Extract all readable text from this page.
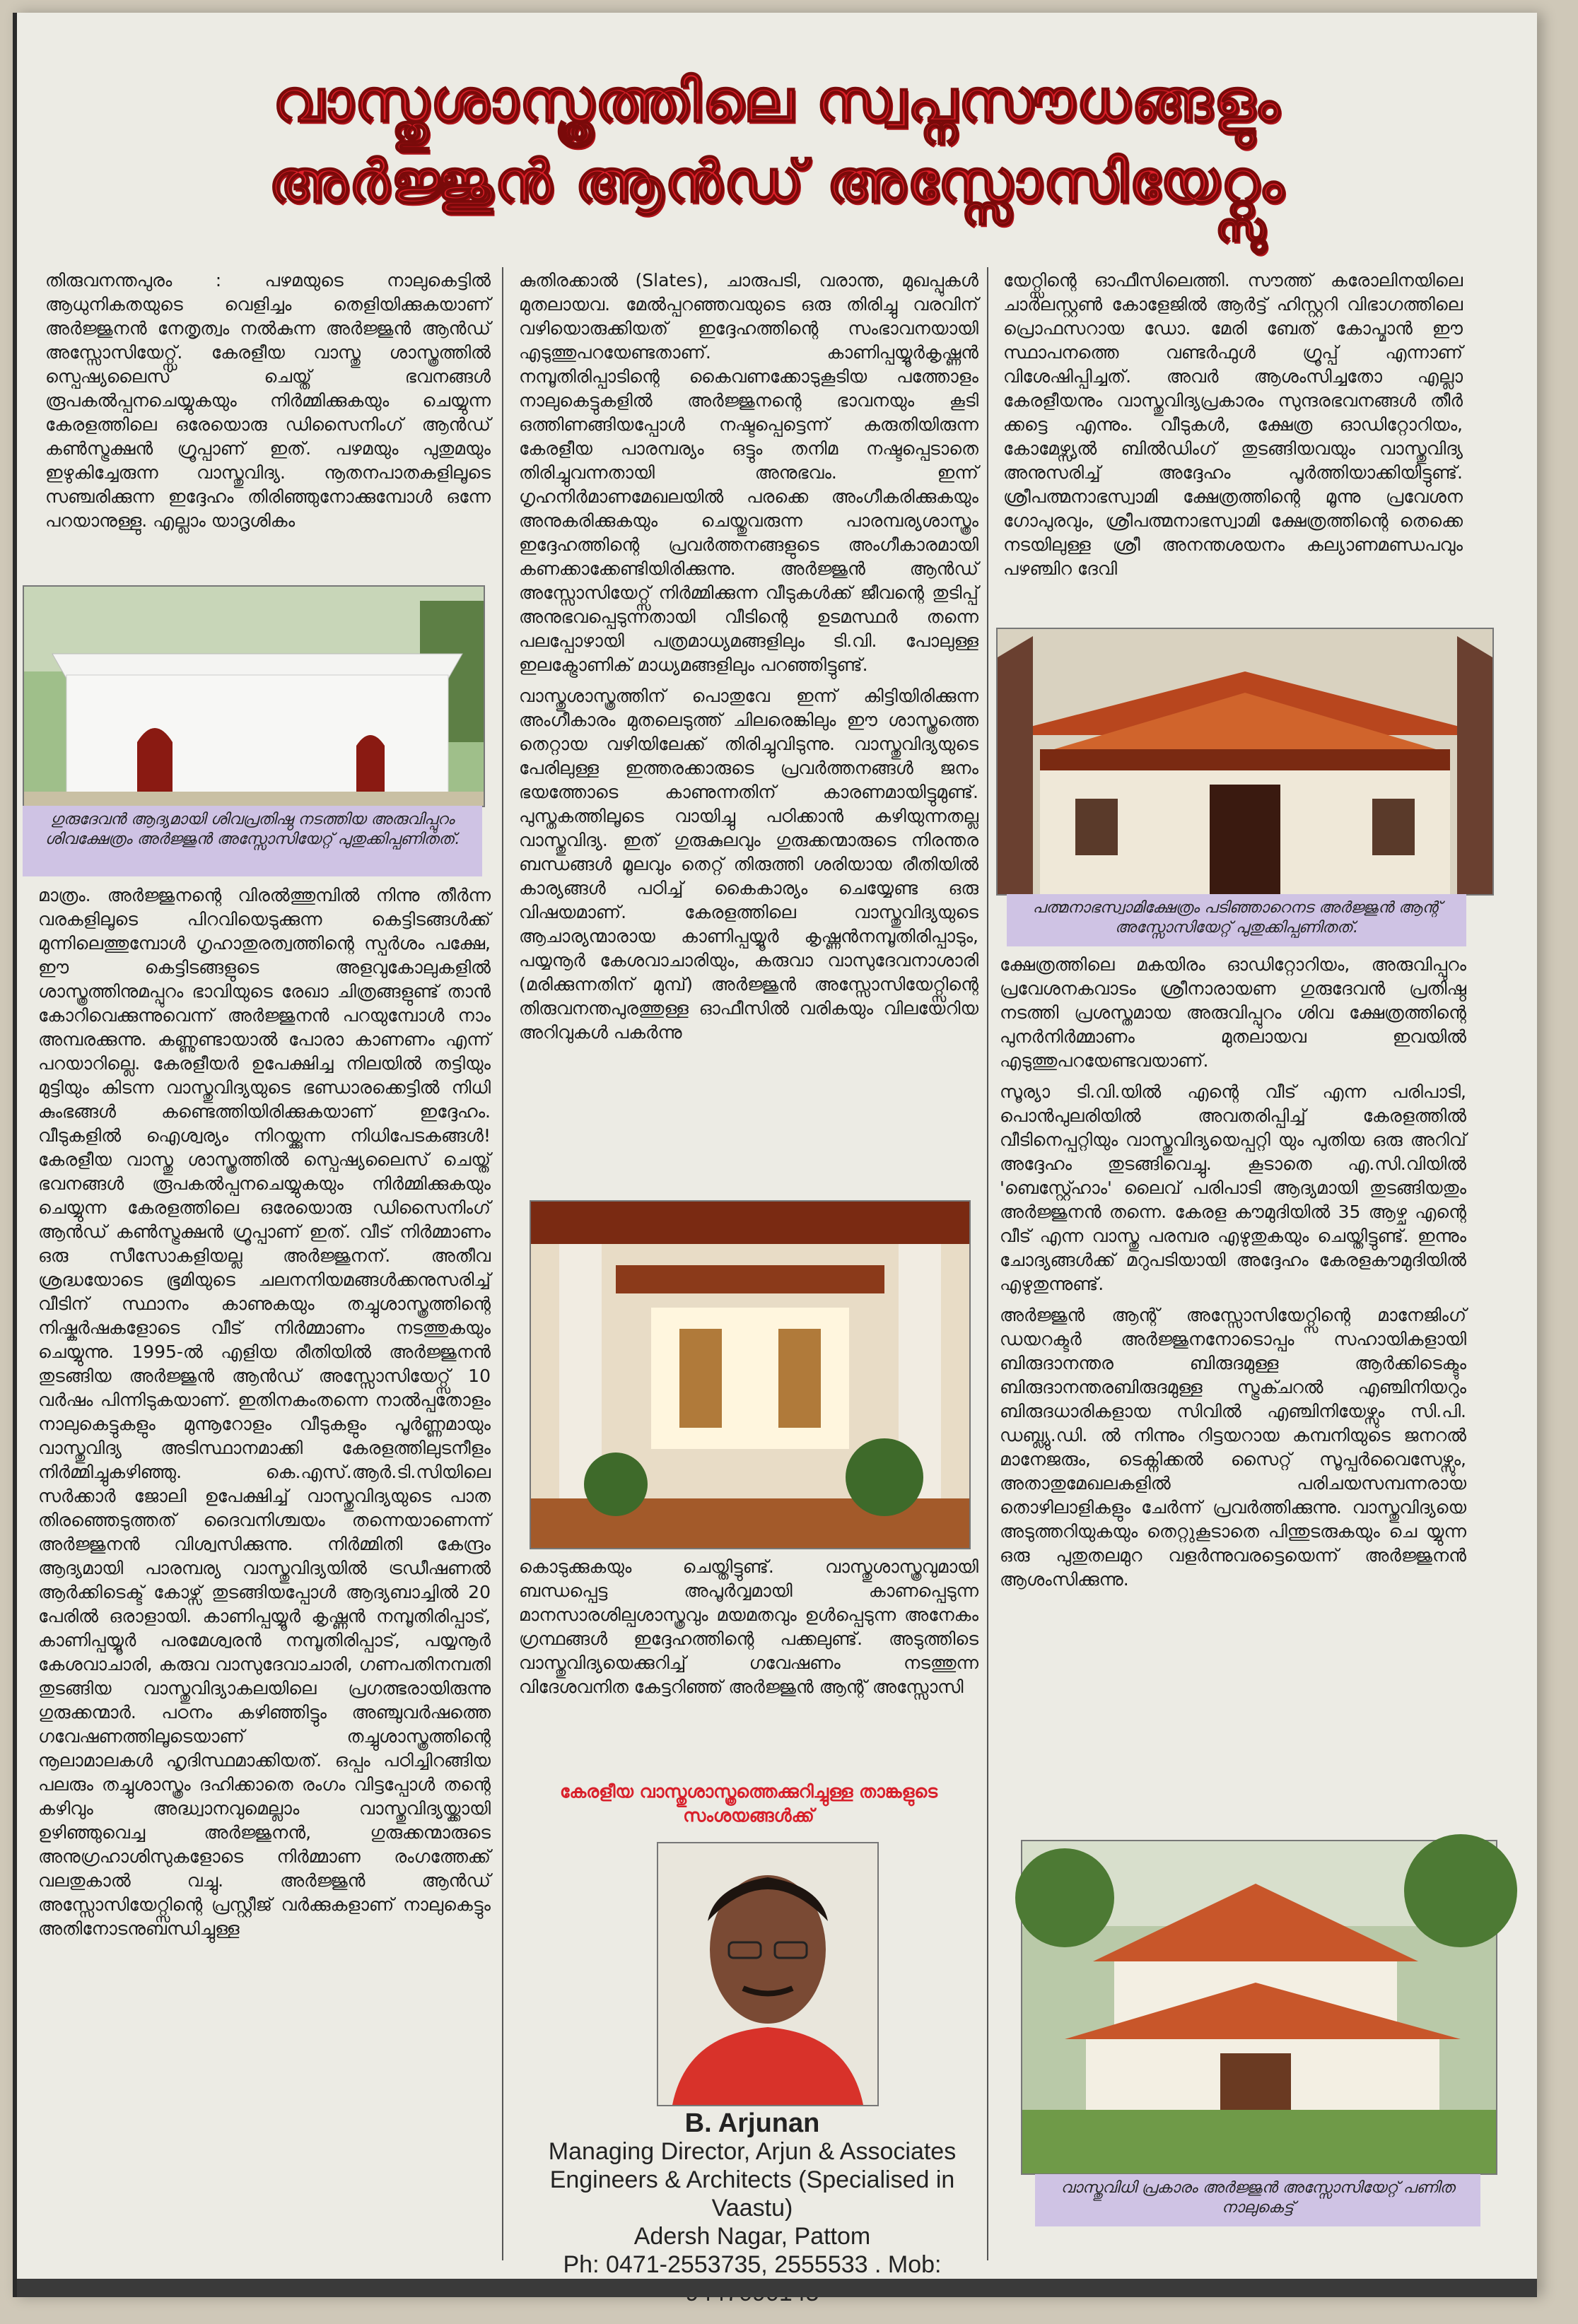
വാസ്തുശാസ്ത്രത്തിലെ സ്വപ്നസൗധങ്ങളും
അർജ്ജുൻ ആൻഡ് അസ്സോസിയേറ്റ്സും

തിരുവനന്തപുരം : പഴമയുടെ നാലുകെട്ടിൽ ആധുനികതയുടെ വെളിച്ചം തെളിയിക്കുകയാണ് അർജ്ജുനൻ നേതൃത്വം നൽകുന്ന അർജ്ജുൻ ആൻഡ് അസ്സോസിയേറ്റ്സ്. കേരളീയ വാസ്തു ശാസ്ത്രത്തിൽ സ്പെഷ്യലൈസ് ചെയ്ത് ഭവനങ്ങൾ രൂപകൽപ്പനചെയ്യുകയും നിർമ്മിക്കുകയും ചെയ്യുന്ന കേരളത്തിലെ ഒരേയൊരു ഡിസൈനിംഗ് ആൻഡ് കൺസ്ട്രക്ഷൻ ഗ്രൂപ്പാണ് ഇത്. പഴമയും പുതുമയും ഇഴുകിച്ചേരുന്ന വാസ്തുവിദ്യ. നൂതനപാതകളിലൂടെ സഞ്ചരിക്കുന്ന ഇദ്ദേഹം തിരിഞ്ഞുനോക്കുമ്പോൾ ഒന്നേ പറയാനുള്ളു. എല്ലാം യാദൃശികം

ഗുരുദേവൻ ആദ്യമായി ശിവപ്രതിഷ്ഠ നടത്തിയ അരുവിപ്പുറം ശിവക്ഷേത്രം അർജ്ജുൻ അസ്സോസിയേറ്റ് പുതുക്കിപ്പണിതത്.

മാത്രം. അർജ്ജുനന്റെ വിരൽത്തുമ്പിൽ നിന്നു തീർന്ന വരകളിലൂടെ പിറവിയെടുക്കുന്ന കെട്ടിടങ്ങൾക്ക് മുന്നിലെത്തുമ്പോൾ ഗൃഹാതുരത്വത്തിന്റെ സ്പർശം പക്ഷേ, ഈ കെട്ടിടങ്ങളുടെ അളവുകോലുകളിൽ ശാസ്ത്രത്തിനുമപ്പുറം ഭാവിയുടെ രേഖാ ചിത്രങ്ങളുണ്ട് താൻ കോറിവെക്കുന്നുവെന്ന് അർജ്ജുനൻ പറയുമ്പോൾ നാം അമ്പരക്കുന്നു. കണ്ണുണ്ടായാൽ പോരാ കാണണം എന്ന് പറയാറില്ലെ. കേരളീയർ ഉപേക്ഷിച്ച നിലയിൽ തട്ടിയും മുട്ടിയും കിടന്ന വാസ്തുവിദ്യയുടെ ഭണ്ഡാരക്കെട്ടിൽ നിധി കുംഭങ്ങൾ കണ്ടെത്തിയിരിക്കുകയാണ് ഇദ്ദേഹം. വീടുകളിൽ ഐശ്വര്യം നിറയ്ക്കുന്ന നിധിപേടകങ്ങൾ! കേരളീയ വാസ്തു ശാസ്ത്രത്തിൽ സ്പെഷ്യലൈസ് ചെയ്ത് ഭവനങ്ങൾ രൂപകൽപ്പനചെയ്യുകയും നിർമ്മിക്കുകയും ചെയ്യുന്ന കേരളത്തിലെ ഒരേയൊരു ഡിസൈനിംഗ് ആൻഡ് കൺസ്ട്രക്ഷൻ ഗ്രൂപ്പാണ് ഇത്. വീട് നിർമ്മാണം ഒരു സീസോകളിയല്ല അർജ്ജുനന്. അതീവ ശ്രദ്ധയോടെ ഭൂമിയുടെ ചലനനിയമങ്ങൾക്കനുസരിച്ച് വീടിന് സ്ഥാനം കാണുകയും തച്ചുശാസ്ത്രത്തിന്റെ നിഷ്കർഷകളോടെ വീട് നിർമ്മാണം നടത്തുകയും ചെയ്യുന്നു. 1995-ൽ എളിയ രീതിയിൽ അർജ്ജുനൻ തുടങ്ങിയ അർജ്ജുൻ ആൻഡ് അസ്സോസിയേറ്റ്സ് 10 വർഷം പിന്നിടുകയാണ്. ഇതിനകംതന്നെ നാൽപ്പതോളം നാലുകെട്ടുകളും മുന്നൂറോളം വീടുകളും പൂർണ്ണമായും വാസ്തുവിദ്യ അടിസ്ഥാനമാക്കി കേരളത്തിലുടനീളം നിർമ്മിച്ചുകഴിഞ്ഞു. കെ.എസ്.ആർ.ടി.സിയിലെ സർക്കാർ ജോലി ഉപേക്ഷിച്ച് വാസ്തുവിദ്യയുടെ പാത തിരഞ്ഞെടുത്തത് ദൈവനിശ്ചയം തന്നെയാണെന്ന് അർജ്ജുനൻ വിശ്വസിക്കുന്നു. നിർമ്മിതി കേന്ദ്രം ആദ്യമായി പാരമ്പര്യ വാസ്തുവിദ്യയിൽ ട്രഡീഷണൽ ആർക്കിടെക്ട് കോഴ്സ് തുടങ്ങിയപ്പോൾ ആദ്യബാച്ചിൽ 20 പേരിൽ ഒരാളായി. കാണിപ്പയ്യൂർ കൃഷ്ണൻ നമ്പൂതിരിപ്പാട്, കാണിപ്പയ്യൂർ പരമേശ്വരൻ നമ്പൂതിരിപ്പാട്, പയ്യനൂർ കേശവാചാരി, കരുവ വാസുദേവാചാരി, ഗണപതിനമ്പതി തുടങ്ങിയ വാസ്തുവിദ്യാകലയിലെ പ്രഗത്ഭരായിരുന്നു ഗുരുക്കന്മാർ. പഠനം കഴിഞ്ഞിട്ടും അഞ്ചുവർഷത്തെ ഗവേഷണത്തിലൂടെയാണ് തച്ചുശാസ്ത്രത്തിന്റെ നൂലാമാലകൾ ഹൃദിസ്ഥമാക്കിയത്. ഒപ്പം പഠിച്ചിറങ്ങിയ പലരും തച്ചുശാസ്ത്രം ദഹിക്കാതെ രംഗം വിട്ടപ്പോൾ തന്റെ കഴിവും അദ്ധ്വാനവുമെല്ലാം വാസ്തുവിദ്യയ്ക്കായി ഉഴിഞ്ഞുവെച്ച അർജ്ജുനൻ, ഗുരുക്കന്മാരുടെ അനുഗ്രഹാശിസുകളോടെ നിർമ്മാണ രംഗത്തേക്ക് വലതുകാൽ വച്ചു. അർജ്ജുൻ ആൻഡ് അസ്സോസിയേറ്റ്സിന്റെ പ്രസ്റ്റീജ് വർക്കുകളാണ് നാലുകെട്ടും അതിനോടനുബന്ധിച്ചുള്ള

കുതിരക്കാൽ (Slates), ചാരുപടി, വരാന്ത, മുഖപ്പുകൾ മുതലായവ. മേൽപ്പറഞ്ഞവയുടെ ഒരു തിരിച്ചു വരവിന് വഴിയൊരുക്കിയത് ഇദ്ദേഹത്തിന്റെ സംഭാവനയായി എടുത്തുപറയേണ്ടതാണ്. കാണിപ്പയ്യൂർകൃഷ്ണൻ നമ്പൂതിരിപ്പാടിന്റെ കൈവണക്കോടുകൂടിയ പത്തോളം നാലുകെട്ടുകളിൽ അർജ്ജുനന്റെ ഭാവനയും കൂടി ഒത്തിണങ്ങിയപ്പോൾ നഷ്ടപ്പെട്ടെന്ന് കരുതിയിരുന്ന കേരളീയ പാരമ്പര്യം ഒട്ടും തനിമ നഷ്ടപ്പെടാതെ തിരിച്ചുവന്നതായി അനുഭവം. ഇന്ന് ഗൃഹനിർമാണമേഖലയിൽ പരക്കെ അംഗീകരിക്കുകയും അനുകരിക്കുകയും ചെയ്തുവരുന്ന പാരമ്പര്യശാസ്ത്രം ഇദ്ദേഹത്തിന്റെ പ്രവർത്തനങ്ങളുടെ അംഗീകാരമായി കണക്കാക്കേണ്ടിയിരിക്കുന്നു. അർജ്ജുൻ ആൻഡ് അസ്സോസിയേറ്റ്സ് നിർമ്മിക്കുന്ന വീടുകൾക്ക് ജീവന്റെ തുടിപ്പ് അനുഭവപ്പെടുന്നതായി വീടിന്റെ ഉടമസ്ഥർ തന്നെ പലപ്പോഴായി പത്രമാധ്യമങ്ങളിലും ടി.വി. പോലുള്ള ഇലക്ട്രോണിക് മാധ്യമങ്ങളിലും പറഞ്ഞിട്ടുണ്ട്.

വാസ്തുശാസ്ത്രത്തിന് പൊതുവേ ഇന്ന് കിട്ടിയിരിക്കുന്ന അംഗീകാരം മുതലെടുത്ത് ചിലരെങ്കിലും ഈ ശാസ്ത്രത്തെ തെറ്റായ വഴിയിലേക്ക് തിരിച്ചുവിടുന്നു. വാസ്തുവിദ്യയുടെ പേരിലുള്ള ഇത്തരക്കാരുടെ പ്രവർത്തനങ്ങൾ ജനം ഭയത്തോടെ കാണുന്നതിന് കാരണമായിട്ടുമുണ്ട്. പുസ്തകത്തിലൂടെ വായിച്ചു പഠിക്കാൻ കഴിയുന്നതല്ല വാസ്തുവിദ്യ. ഇത് ഗുരുകുലവും ഗുരുക്കന്മാരുടെ നിരന്തര ബന്ധങ്ങൾ മൂലവും തെറ്റ് തിരുത്തി ശരിയായ രീതിയിൽ കാര്യങ്ങൾ പഠിച്ച് കൈകാര്യം ചെയ്യേണ്ട ഒരു വിഷയമാണ്. കേരളത്തിലെ വാസ്തുവിദ്യയുടെ ആചാര്യന്മാരായ കാണിപ്പയ്യൂർ കൃഷ്ണൻനമ്പൂതിരിപ്പാടും, പയ്യനൂർ കേശവാചാരിയും, കരുവാ വാസുദേവനാശാരി (മരിക്കുന്നതിന് മുമ്പ്) അർജ്ജുൻ അസ്സോസിയേറ്റ്സിന്റെ തിരുവനന്തപുരത്തുള്ള ഓഫീസിൽ വരികയും വിലയേറിയ അറിവുകൾ പകർന്നു

കൊടുക്കുകയും ചെയ്തിട്ടുണ്ട്. വാസ്തുശാസ്ത്രവുമായി ബന്ധപ്പെട്ട അപൂർവ്വമായി കാണപ്പെടുന്ന മാനസാരശില്പശാസ്ത്രവും മയമതവും ഉൾപ്പെടുന്ന അനേകം ഗ്രന്ഥങ്ങൾ ഇദ്ദേഹത്തിന്റെ പക്കലുണ്ട്. അടുത്തിടെ വാസ്തുവിദ്യയെക്കുറിച്ച് ഗവേഷണം നടത്തുന്ന വിദേശവനിത കേട്ടറിഞ്ഞ് അർജ്ജുൻ ആന്റ് അസ്സോസി

കേരളീയ വാസ്തുശാസ്ത്രത്തെക്കുറിച്ചുള്ള താങ്കളുടെ സംശയങ്ങൾക്ക്
B. Arjunan
Managing Director, Arjun & Associates
Engineers & Architects (Specialised in Vaastu)
Adersh Nagar, Pattom
Ph: 0471-2553735, 2555533 . Mob:

യേറ്റ്സിന്റെ ഓഫീസിലെത്തി. സൗത്ത് കരോലിനയിലെ ചാർലസ്റ്റൺ കോളേജിൽ ആർട്ട് ഹിസ്റ്ററി വിഭാഗത്തിലെ പ്രൊഫസറായ ഡോ. മേരി ബേത് കോപ്മാൻ ഈ സ്ഥാപനത്തെ വണ്ടർഫുൾ ഗ്രൂപ്പ് എന്നാണ് വിശേഷിപ്പിച്ചത്. അവർ ആശംസിച്ചതോ എല്ലാ കേരളീയനും വാസ്തുവിദ്യപ്രകാരം സുന്ദരഭവനങ്ങൾ തീർ ക്കട്ടെ എന്നും. വീടുകൾ, ക്ഷേത്ര ഓഡിറ്റോറിയം, കോമേഴ്സ്യൽ ബിൽഡിംഗ് തുടങ്ങിയവയും വാസ്തുവിദ്യ അനുസരിച്ച് അദ്ദേഹം പൂർത്തിയാക്കിയിട്ടുണ്ട്. ശ്രീപത്മനാഭസ്വാമി ക്ഷേത്രത്തിന്റെ മൂന്നു പ്രവേശന ഗോപുരവും, ശ്രീപത്മനാഭസ്വാമി ക്ഷേത്രത്തിന്റെ തെക്കെ നടയിലുള്ള ശ്രീ അനന്തശയനം കല്യാണമണ്ഡപവും പഴഞ്ചിറ ദേവി

പത്മനാഭസ്വാമിക്ഷേത്രം പടിഞ്ഞാറെനട അർജ്ജുൻ ആന്റ് അസ്സോസിയേറ്റ് പുതുക്കിപ്പണിതത്.

ക്ഷേത്രത്തിലെ മകയിരം ഓഡിറ്റോറിയം, അരുവിപ്പുറം പ്രവേശനകവാടം ശ്രീനാരായണ ഗുരുദേവൻ പ്രതിഷ്ഠ നടത്തി പ്രശസ്തമായ അരുവിപ്പുറം ശിവ ക്ഷേത്രത്തിന്റെ പുനർനിർമ്മാണം മുതലായവ ഇവയിൽ എടുത്തുപറയേണ്ടവയാണ്.

സൂര്യാ ടി.വി.യിൽ എന്റെ വീട് എന്ന പരിപാടി, പൊൻപുലരിയിൽ അവതരിപ്പിച്ച് കേരളത്തിൽ വീടിനെപ്പറ്റിയും വാസ്തുവിദ്യയെപ്പറ്റി യും പുതിയ ഒരു അറിവ് അദ്ദേഹം തുടങ്ങിവെച്ചു. കൂടാതെ എ.സി.വിയിൽ 'ബെസ്റ്റ്ഹോം' ലൈവ് പരിപാടി ആദ്യമായി തുടങ്ങിയതും അർജ്ജുനൻ തന്നെ. കേരള കൗമുദിയിൽ 35 ആഴ്ച എന്റെ വീട് എന്ന വാസ്തു പരമ്പര എഴുതുകയും ചെയ്തിട്ടുണ്ട്. ഇന്നും ചോദ്യങ്ങൾക്ക് മറുപടിയായി അദ്ദേഹം കേരളകൗമുദിയിൽ എഴുതുന്നുണ്ട്.

അർജ്ജുൻ ആന്റ് അസ്സോസിയേറ്റ്സിന്റെ മാനേജിംഗ് ഡയറക്ടർ അർജ്ജുനനോടൊപ്പം സഹായികളായി ബിരുദാനന്തര ബിരുദമുള്ള ആർക്കിടെക്ടും ബിരുദാനന്തരബിരുദമുള്ള സ്ട്രക്ചറൽ എഞ്ചിനിയറും ബിരുദധാരികളായ സിവിൽ എഞ്ചിനിയേഴ്സും സി.പി. ഡബ്ല്യു.ഡി. ൽ നിന്നും റിട്ടയറായ കമ്പനിയുടെ ജനറൽ മാനേജരും, ടെക്നിക്കൽ സൈറ്റ് സൂപ്പർവൈസേഴ്സും, അതാതുമേഖലകളിൽ പരിചയസമ്പന്നരായ തൊഴിലാളികളും ചേർന്ന് പ്രവർത്തിക്കുന്നു. വാസ്തുവിദ്യയെ അടുത്തറിയുകയും തെറ്റുകൂടാതെ പിന്തുടരുകയും ചെ യ്യുന്ന ഒരു പുതുതലമുറ വളർന്നുവരട്ടെയെന്ന് അർജ്ജുനൻ ആശംസിക്കുന്നു.

വാസ്തുവിധി പ്രകാരം അർജ്ജുൻ അസ്സോസിയേറ്റ് പണിത നാലുകെട്ട്
